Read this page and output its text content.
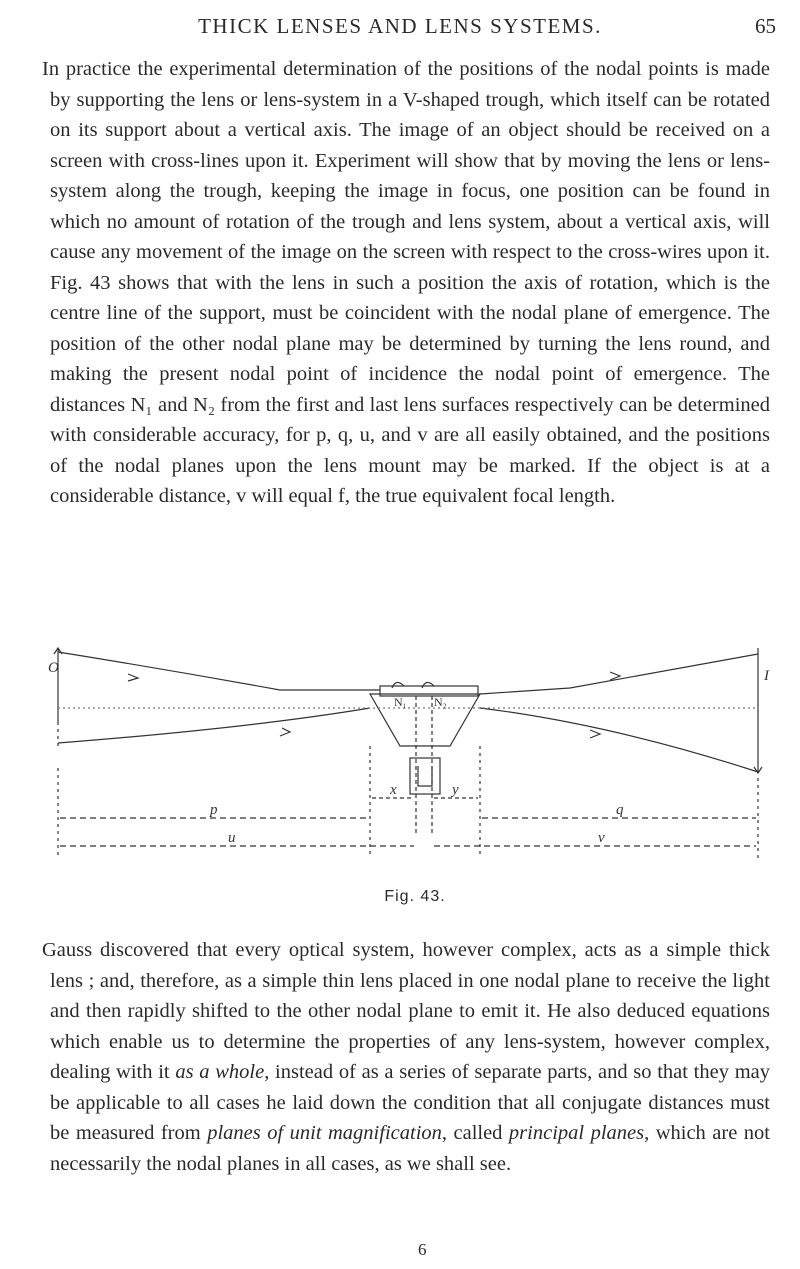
THICK LENSES AND LENS SYSTEMS.	65

In practice the experimental determination of the positions of the nodal points is made by supporting the lens or lens-system in a V-shaped trough, which itself can be rotated on its support about a vertical axis. The image of an object should be received on a screen with cross-lines upon it. Experiment will show that by moving the lens or lens-system along the trough, keeping the image in focus, one position can be found in which no amount of rotation of the trough and lens system, about a vertical axis, will cause any movement of the image on the screen with respect to the cross-wires upon it. Fig. 43 shows that with the lens in such a position the axis of rotation, which is the centre line of the support, must be coincident with the nodal plane of emergence. The position of the other nodal plane may be determined by turning the lens round, and making the present nodal point of incidence the nodal point of emergence. The distances N₁ and N₂ from the first and last lens surfaces respectively can be determined with considerable accuracy, for p, q, u, and v are all easily obtained, and the positions of the nodal planes upon the lens mount may be marked. If the object is at a considerable distance, v will equal f, the true equivalent focal length.

O	I
N₁ N₂
p
u
x	y
q
v
Fig. 43.

Gauss discovered that every optical system, however complex, acts as a simple thick lens ; and, therefore, as a simple thin lens placed in one nodal plane to receive the light and then rapidly shifted to the other nodal plane to emit it. He also deduced equations which enable us to determine the properties of any lens-system, however complex, dealing with it as a whole, instead of as a series of separate parts, and so that they may be applicable to all cases he laid down the condition that all conjugate distances must be measured from planes of unit magnification, called principal planes, which are not necessarily the nodal planes in all cases, as we shall see.

6
